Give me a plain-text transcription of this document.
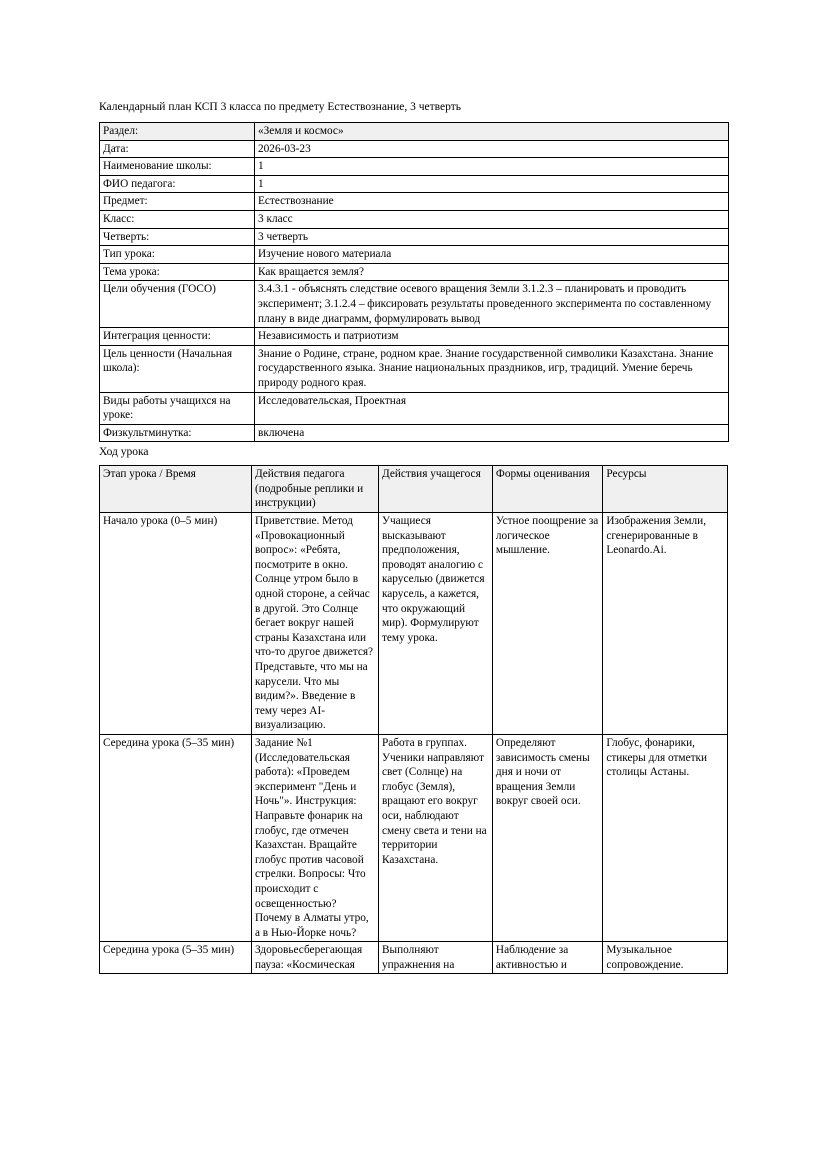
Календарный план КСП 3 класса по предмету Естествознание, 3 четверть
Раздел:	«Земля и космос»
Дата:	2026-03-23
Наименование школы:	1
ФИО педагога:	1
Предмет:	Естествознание
Класс:	3 класс
Четверть:	3 четверть
Тип урока:	Изучение нового материала
Тема урока:	Как вращается земля?
Цели обучения (ГОСО)	3.4.3.1 - объяснять следствие осевого вращения Земли 3.1.2.3 – планировать и проводить эксперимент; 3.1.2.4 – фиксировать результаты проведенного эксперимента по составленному плану в виде диаграмм, формулировать вывод
Интеграция ценности:	Независимость и патриотизм
Цель ценности (Начальная школа):	Знание о Родине, стране, родном крае. Знание государственной символики Казахстана. Знание государственного языка. Знание национальных праздников, игр, традиций. Умение беречь природу родного края.
Виды работы учащихся на уроке:	Исследовательская, Проектная
Физкультминутка:	включена
Ход урока
Этап урока / Время	Действия педагога (подробные реплики и инструкции)	Действия учащегося	Формы оценивания	Ресурсы
Начало урока (0–5 мин)	Приветствие. Метод «Провокационный вопрос»: «Ребята, посмотрите в окно. Солнце утром было в одной стороне, а сейчас в другой. Это Солнце бегает вокруг нашей страны Казахстана или что-то другое движется? Представьте, что мы на карусели. Что мы видим?». Введение в тему через AI-визуализацию.	Учащиеся высказывают предположения, проводят аналогию с каруселью (движется карусель, а кажется, что окружающий мир). Формулируют тему урока.	Устное поощрение за логическое мышление.	Изображения Земли, сгенерированные в Leonardo.Ai.
Середина урока (5–35 мин)	Задание №1 (Исследовательская работа): «Проведем эксперимент "День и Ночь"». Инструкция: Направьте фонарик на глобус, где отмечен Казахстан. Вращайте глобус против часовой стрелки. Вопросы: Что происходит с освещенностью? Почему в Алматы утро, а в Нью-Йорке ночь?	Работа в группах. Ученики направляют свет (Солнце) на глобус (Земля), вращают его вокруг оси, наблюдают смену света и тени на территории Казахстана.	Определяют зависимость смены дня и ночи от вращения Земли вокруг своей оси.	Глобус, фонарики, стикеры для отметки столицы Астаны.
Середина урока (5–35 мин)	Здоровьесберегающая пауза: «Космическая	Выполняют упражнения на	Наблюдение за активностью и	Музыкальное сопровождение.
